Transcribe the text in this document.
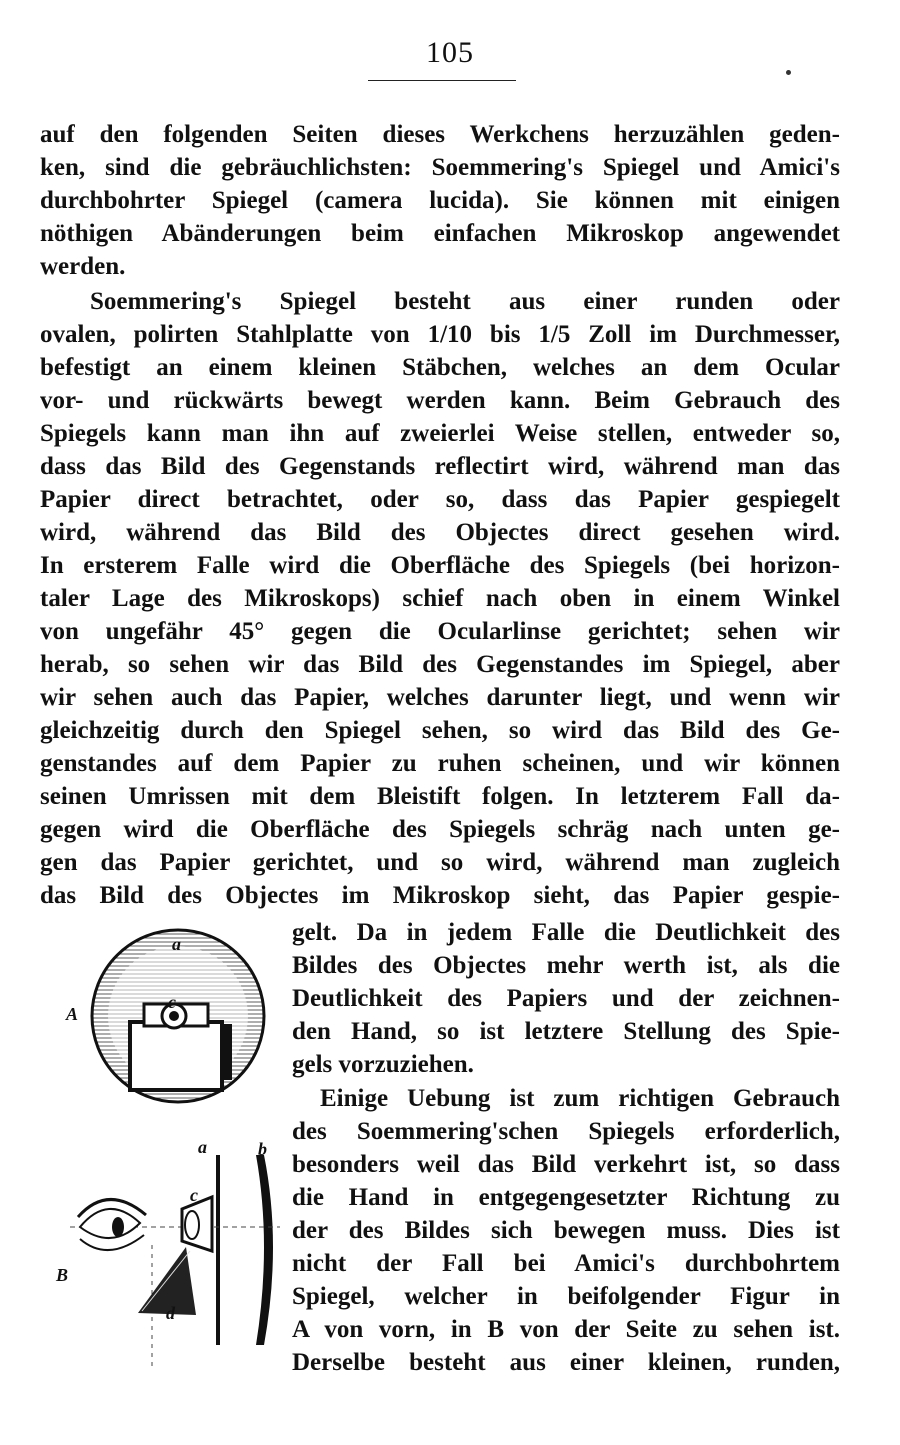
105
auf den folgenden Seiten dieses Werkchens herzuzählen geden-
ken, sind die gebräuchlichsten: Soemmering's Spiegel und Amici's
durchbohrter Spiegel (camera lucida). Sie können mit einigen
nöthigen Abänderungen beim einfachen Mikroskop angewendet
werden.
Soemmering's Spiegel besteht aus einer runden oder
ovalen, polirten Stahlplatte von 1/10 bis 1/5 Zoll im Durchmesser,
befestigt an einem kleinen Stäbchen, welches an dem Ocular
vor- und rückwärts bewegt werden kann. Beim Gebrauch des
Spiegels kann man ihn auf zweierlei Weise stellen, entweder so,
dass das Bild des Gegenstands reflectirt wird, während man das
Papier direct betrachtet, oder so, dass das Papier gespiegelt
wird, während das Bild des Objectes direct gesehen wird.
In ersterem Falle wird die Oberfläche des Spiegels (bei horizon-
taler Lage des Mikroskops) schief nach oben in einem Winkel
von ungefähr 45° gegen die Ocularlinse gerichtet; sehen wir
herab, so sehen wir das Bild des Gegenstandes im Spiegel, aber
wir sehen auch das Papier, welches darunter liegt, und wenn wir
gleichzeitig durch den Spiegel sehen, so wird das Bild des Ge-
genstandes auf dem Papier zu ruhen scheinen, und wir können
seinen Umrissen mit dem Bleistift folgen. In letzterem Fall da-
gegen wird die Oberfläche des Spiegels schräg nach unten ge-
gen das Papier gerichtet, und so wird, während man zugleich
das Bild des Objectes im Mikroskop sieht, das Papier gespie-
gelt. Da in jedem Falle die Deutlichkeit des
Bildes des Objectes mehr werth ist, als die
Deutlichkeit des Papiers und der zeichnen-
den Hand, so ist letztere Stellung des Spie-
gels vorzuziehen.
Einige Uebung ist zum richtigen Gebrauch
des Soemmering'schen Spiegels erforderlich,
besonders weil das Bild verkehrt ist, so dass
die Hand in entgegengesetzter Richtung zu
der des Bildes sich bewegen muss. Dies ist
nicht der Fall bei Amici's durchbohrtem
Spiegel, welcher in beifolgender Figur in
A von vorn, in B von der Seite zu sehen ist.
Derselbe besteht aus einer kleinen, runden,
A
a
c
B
a	b
c
d
